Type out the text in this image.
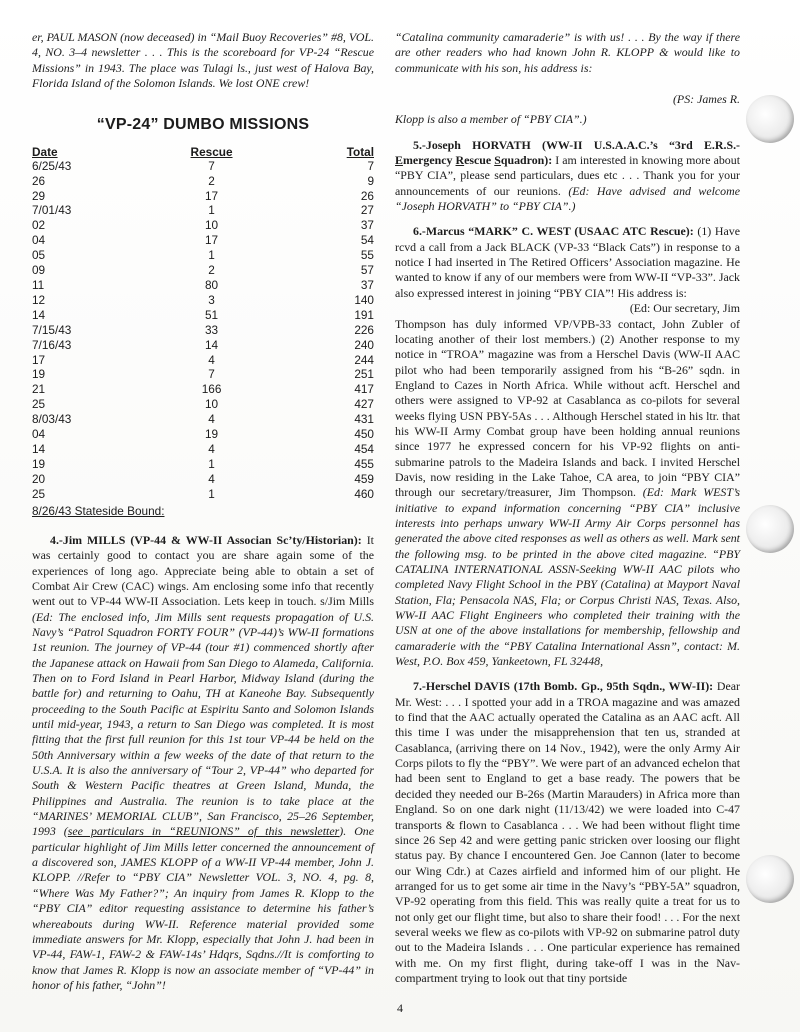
er, PAUL MASON (now deceased) in “Mail Buoy Recoveries” #8, VOL. 4, NO. 3–4 newsletter . . . This is the scoreboard for VP-24 “Rescue Missions” in 1943. The place was Tulagi ls., just west of Halova Bay, Florida Island of the Solomon Islands. We lost ONE crew!

“VP-24” DUMBO MISSIONS
Date	Rescue	Total
6/25/43	7	7
26	2	9
29	17	26
7/01/43	1	27
02	10	37
04	17	54
05	1	55
09	2	57
11	80	37
12	3	140
14	51	191
7/15/43	33	226
7/16/43	14	240
17	4	244
19	7	251
21	166	417
25	10	427
8/03/43	4	431
04	19	450
14	4	454
19	1	455
20	4	459
25	1	460

8/26/43 Stateside Bound:

4.-Jim MILLS (VP-44 & WW-II Associan Sc’ty/Historian): It was certainly good to contact you are share again some of the experiences of long ago. Appreciate being able to obtain a set of Combat Air Crew (CAC) wings. Am enclosing some info that recently went out to VP-44 WW-II Association. Lets keep in touch. s/Jim Mills (Ed: The enclosed info, Jim Mills sent requests propagation of U.S. Navy’s “Patrol Squadron FORTY FOUR” (VP-44)’s WW-II formations 1st reunion. The journey of VP-44 (tour #1) commenced shortly after the Japanese attack on Hawaii from San Diego to Alameda, California. Then on to Ford Island in Pearl Harbor, Midway Island (during the battle for) and returning to Oahu, TH at Kaneohe Bay. Subsequently proceeding to the South Pacific at Espiritu Santo and Solomon Islands until mid-year, 1943, a return to San Diego was completed. It is most fitting that the first full reunion for this 1st tour VP-44 be held on the 50th Anniversary within a few weeks of the date of that return to the U.S.A. It is also the anniversary of “Tour 2, VP-44” who departed for South & Western Pacific theatres at Green Island, Munda, the Philippines and Australia. The reunion is to take place at the “MARINES’ MEMORIAL CLUB”, San Francisco, 25–26 September, 1993 (see particulars in “REUNIONS” of this newsletter). One particular highlight of Jim Mills letter concerned the announcement of a discovered son, JAMES KLOPP of a WW-II VP-44 member, John J. KLOPP. //Refer to “PBY CIA” Newsletter VOL. 3, NO. 4, pg. 8, “Where Was My Father?”; An inquiry from James R. Klopp to the “PBY CIA” editor requesting assistance to determine his father’s whereabouts during WW-II. Reference material provided some immediate answers for Mr. Klopp, especially that John J. had been in VP-44, FAW-1, FAW-2 & FAW-14s’ Hdqrs, Sqdns.//It is comforting to know that James R. Klopp is now an associate member of “VP-44” in honor of his father, “John”!

“Catalina community camaraderie” is with us! . . . By the way if there are other readers who had known John R. KLOPP & would like to communicate with his son, his address is:

(PS: James R.

Klopp is also a member of “PBY CIA”.)

5.-Joseph HORVATH (WW-II U.S.A.A.C.’s “3rd E.R.S.- Emergency Rescue Squadron): I am interested in knowing more about “PBY CIA”, please send particulars, dues etc . . . Thank you for your announcements of our reunions. (Ed: Have advised and welcome “Joseph HORVATH” to “PBY CIA”.)

6.-Marcus “MARK” C. WEST (USAAC ATC Rescue): (1) Have rcvd a call from a Jack BLACK (VP-33 “Black Cats”) in response to a notice I had inserted in The Retired Officers’ Association magazine. He wanted to know if any of our members were from WW-II “VP-33”. Jack also expressed interest in joining “PBY CIA”! His address is:

(Ed: Our secretary, Jim

Thompson has duly informed VP/VPB-33 contact, John Zubler of locating another of their lost members.) (2) Another response to my notice in “TROA” magazine was from a Herschel Davis (WW-II AAC pilot who had been temporarily assigned from his “B-26” sqdn. in England to Cazes in North Africa. While without acft. Herschel and others were assigned to VP-92 at Casablanca as co-pilots for several weeks flying USN PBY-5As . . . Although Herschel stated in his ltr. that his WW-II Army Combat group have been holding annual reunions since 1977 he expressed concern for his VP-92 flights on anti-submarine patrols to the Madeira Islands and back. I invited Herschel Davis, now residing in the Lake Tahoe, CA area, to join “PBY CIA” through our secretary/treasurer, Jim Thompson. (Ed: Mark WEST’s initiative to expand information concerning “PBY CIA” inclusive interests into perhaps unwary WW-II Army Air Corps personnel has generated the above cited responses as well as others as well. Mark sent the following msg. to be printed in the above cited magazine. “PBY CATALINA INTERNATIONAL ASSN-Seeking WW-II AAC pilots who completed Navy Flight School in the PBY (Catalina) at Mayport Naval Station, Fla; Pensacola NAS, Fla; or Corpus Christi NAS, Texas. Also, WW-II AAC Flight Engineers who completed their training with the USN at one of the above installations for membership, fellowship and camaraderie with the “PBY Catalina International Assn”, contact: M. West, P.O. Box 459, Yankeetown, FL 32448,

7.-Herschel DAVIS (17th Bomb. Gp., 95th Sqdn., WW-II): Dear Mr. West: . . . I spotted your add in a TROA magazine and was amazed to find that the AAC actually operated the Catalina as an AAC acft. All this time I was under the misapprehension that ten us, stranded at Casablanca, (arriving there on 14 Nov., 1942), were the only Army Air Corps pilots to fly the “PBY”. We were part of an advanced echelon that had been sent to England to get a base ready. The powers that be decided they needed our B-26s (Martin Marauders) in Africa more than England. So on one dark night (11/13/42) we were loaded into C-47 transports & flown to Casablanca . . . We had been without flight time since 26 Sep 42 and were getting panic stricken over loosing our flight status pay. By chance I encountered Gen. Joe Cannon (later to become our Wing Cdr.) at Cazes airfield and informed him of our plight. He arranged for us to get some air time in the Navy’s “PBY-5A” squadron, VP-92 operating from this field. This was really quite a treat for us to not only get our flight time, but also to share their food! . . . For the next several weeks we flew as co-pilots with VP-92 on submarine patrol duty out to the Madeira Islands . . . One particular experience has remained with me. On my first flight, during take-off I was in the Nav-compartment trying to look out that tiny portside

4
